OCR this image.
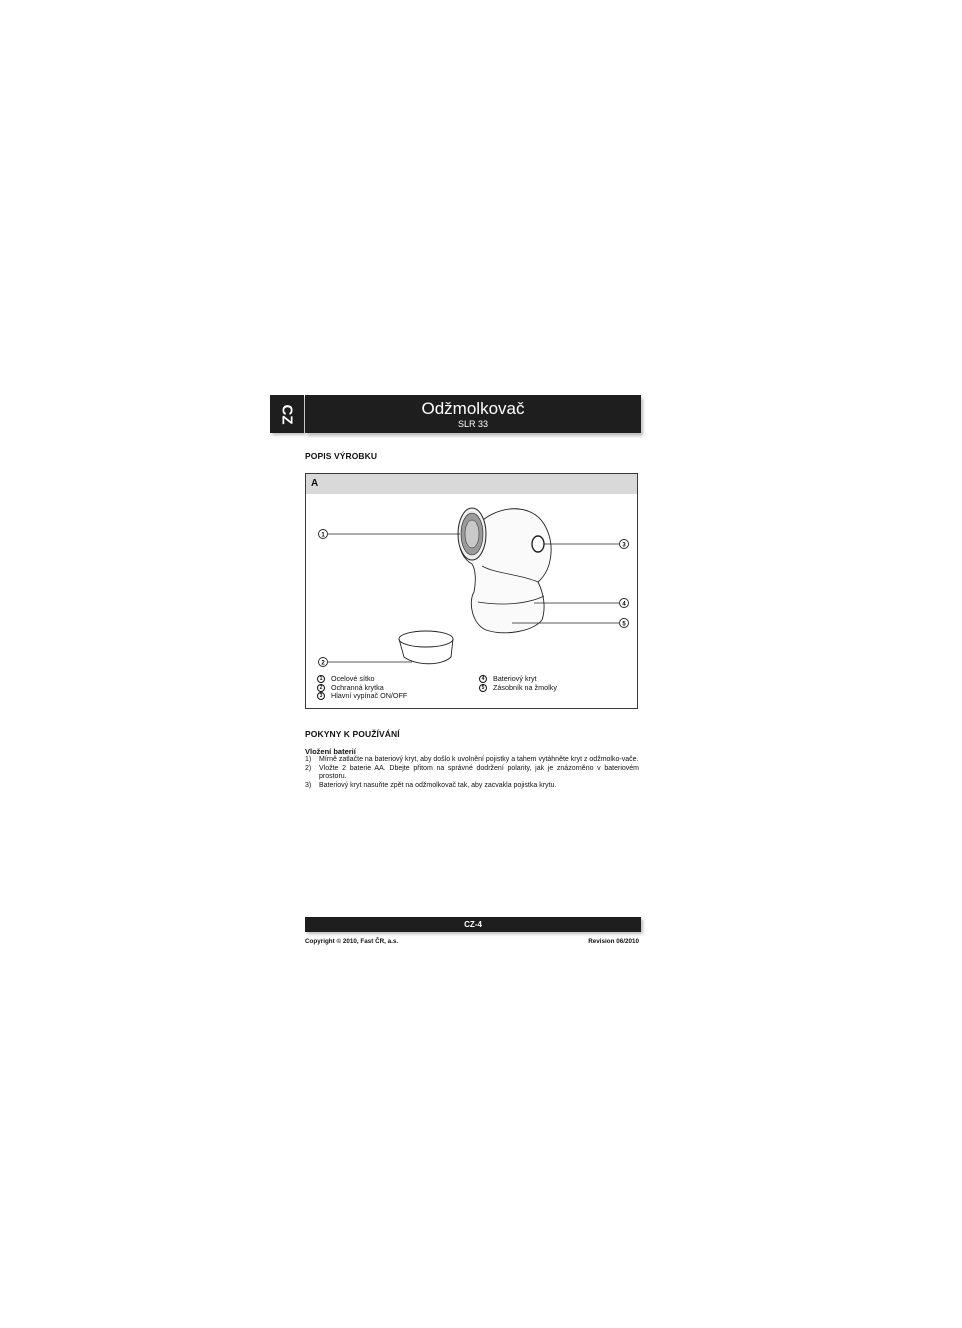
CZ	Odžmolkovač
SLR 33
POPIS VÝROBKU
A
1
3
4
5
2
1	Ocelové sítko
2	Ochranná krytka
3	Hlavní vypínač ON/OFF
4	Bateriový kryt
5	Zásobník na žmolky
POKYNY K POUŽÍVÁNÍ
Vložení baterií
1)	Mírně zatlačte na bateriový kryt, aby došlo k uvolnění pojistky a tahem vytáhněte kryt z odžmolko-vače.
2)	Vložte 2 baterie AA. Dbejte přitom na správné dodržení polarity, jak je znázorněno v bateriovém prostoru.
3)	Bateriový kryt nasuňte zpět na odžmolkovač tak, aby zacvakla pojistka krytu.
CZ-4
Copyright © 2010, Fast ČR, a.s.	Revision 06/2010
